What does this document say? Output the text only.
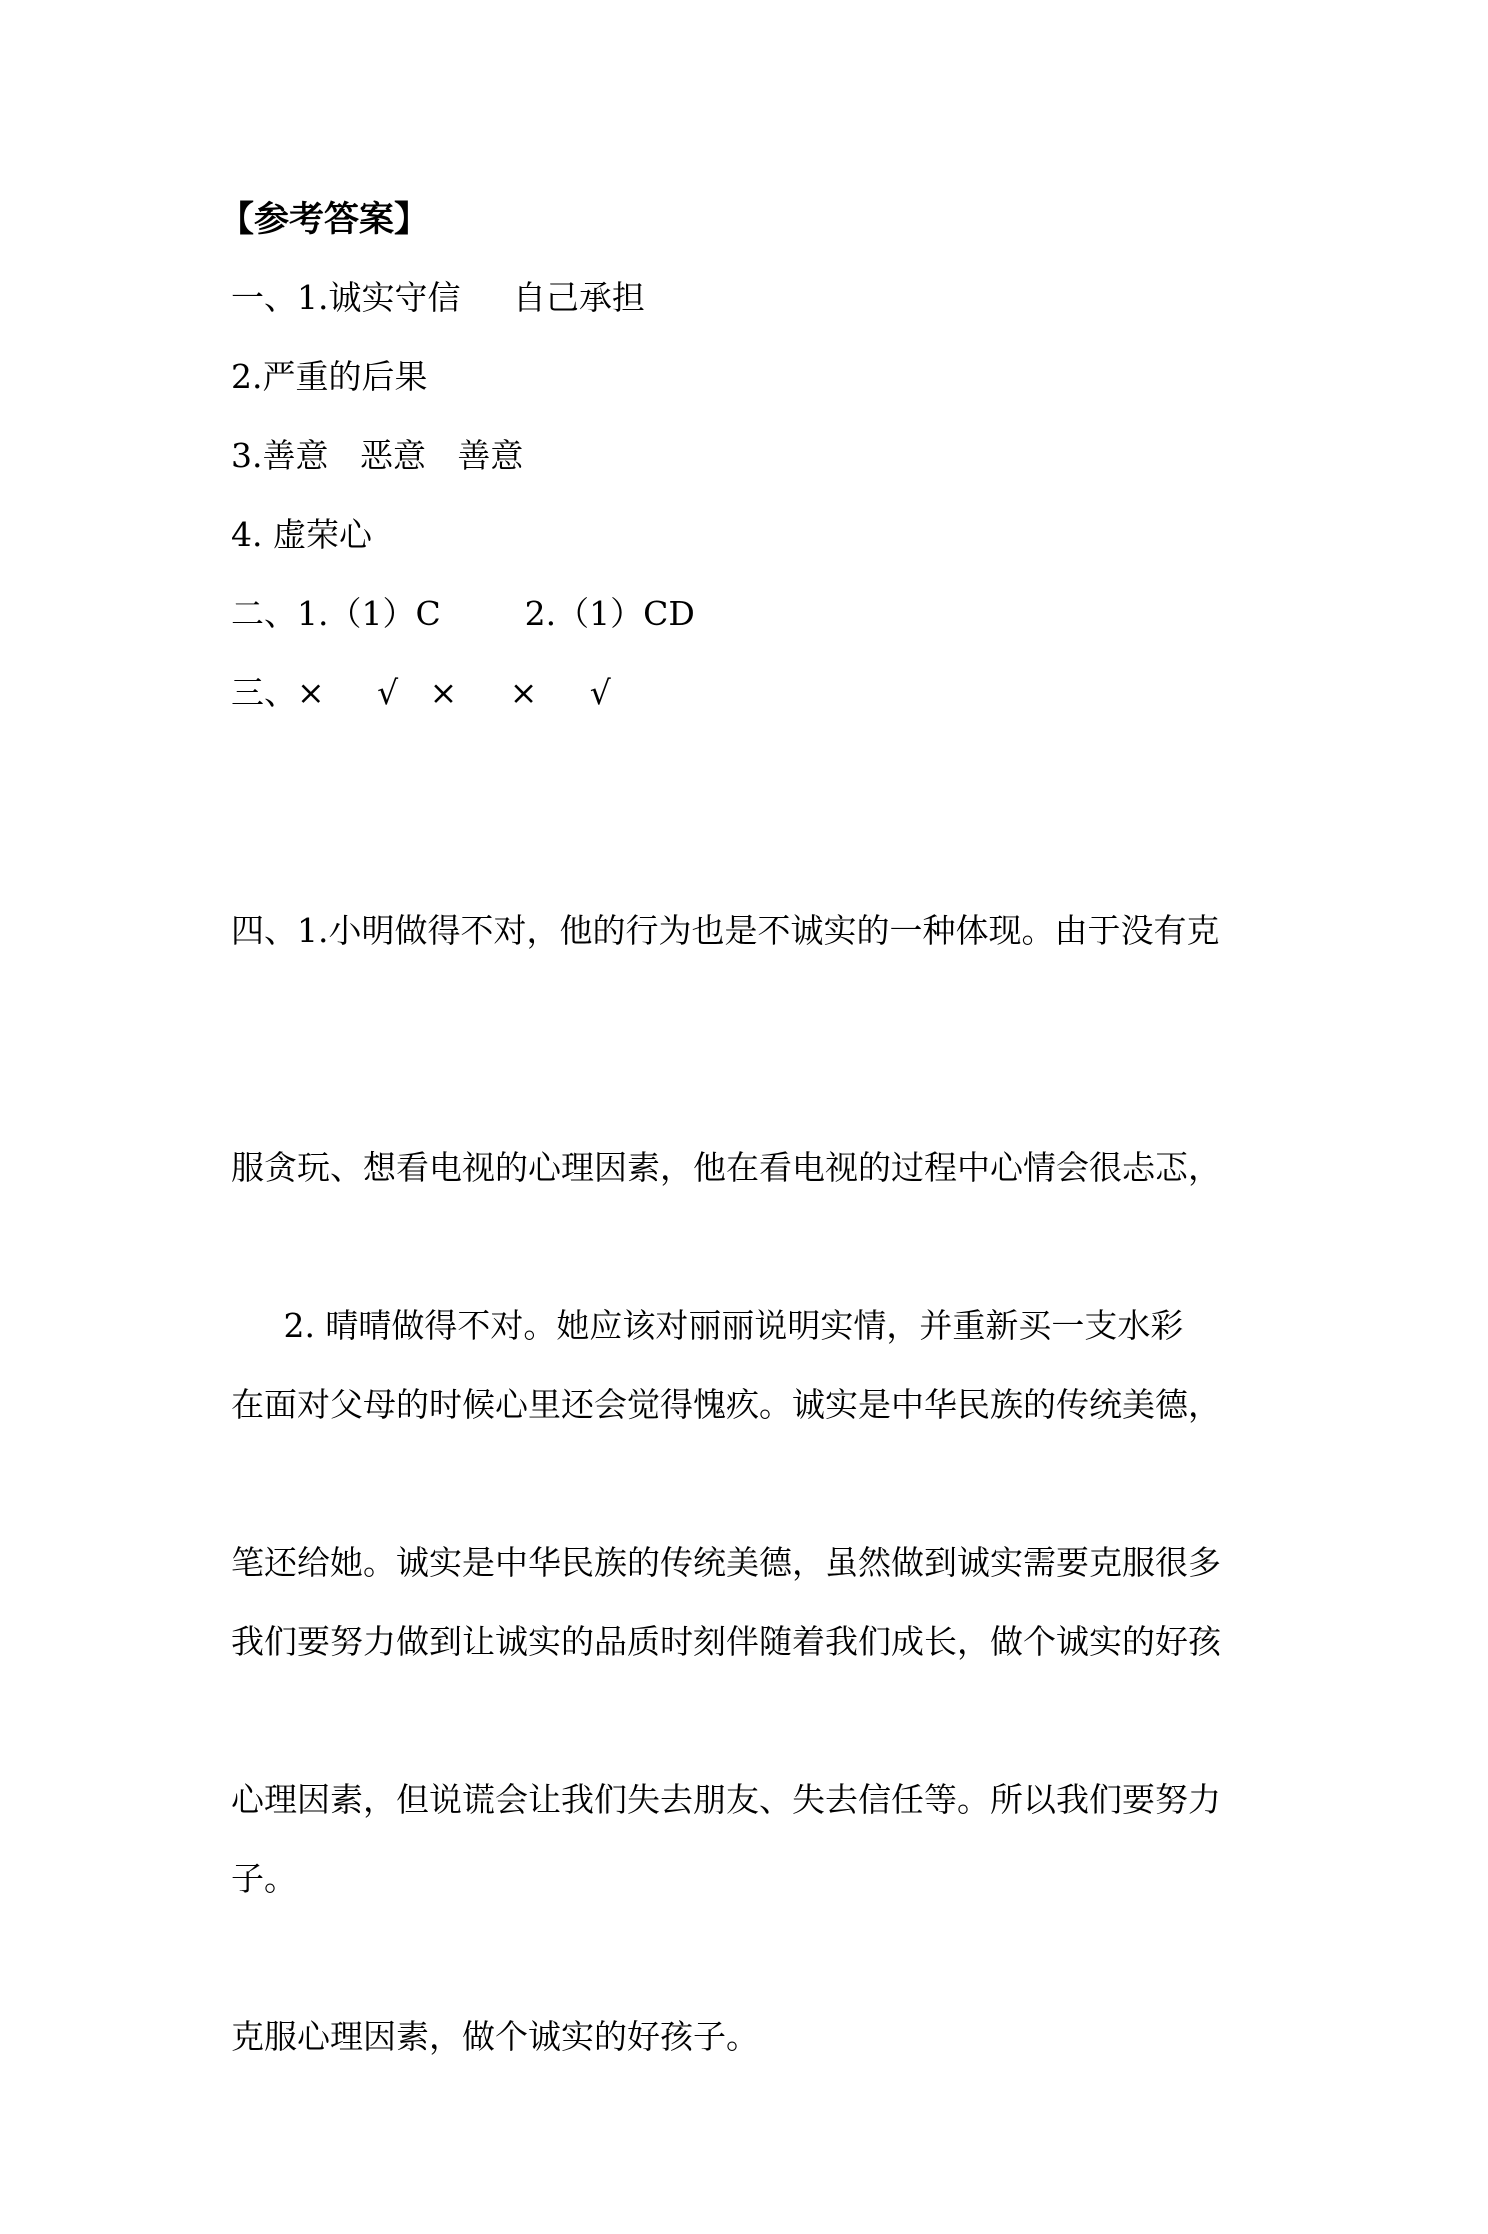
【参考答案】
一、1.诚实守信     自己承担
2.严重的后果
3.善意   恶意   善意
4. 虚荣心
二、1.（1）C        2.（1）CD
三、×     √   ×     ×     √

四、1.小明做得不对，他的行为也是不诚实的一种体现。由于没有克

服贪玩、想看电视的心理因素，他在看电视的过程中心情会很忐忑，

在面对父母的时候心里还会觉得愧疚。诚实是中华民族的传统美德，

我们要努力做到让诚实的品质时刻伴随着我们成长，做个诚实的好孩

子。

2. 晴晴做得不对。她应该对丽丽说明实情，并重新买一支水彩

笔还给她。诚实是中华民族的传统美德，虽然做到诚实需要克服很多

心理因素，但说谎会让我们失去朋友、失去信任等。所以我们要努力

克服心理因素，做个诚实的好孩子。
